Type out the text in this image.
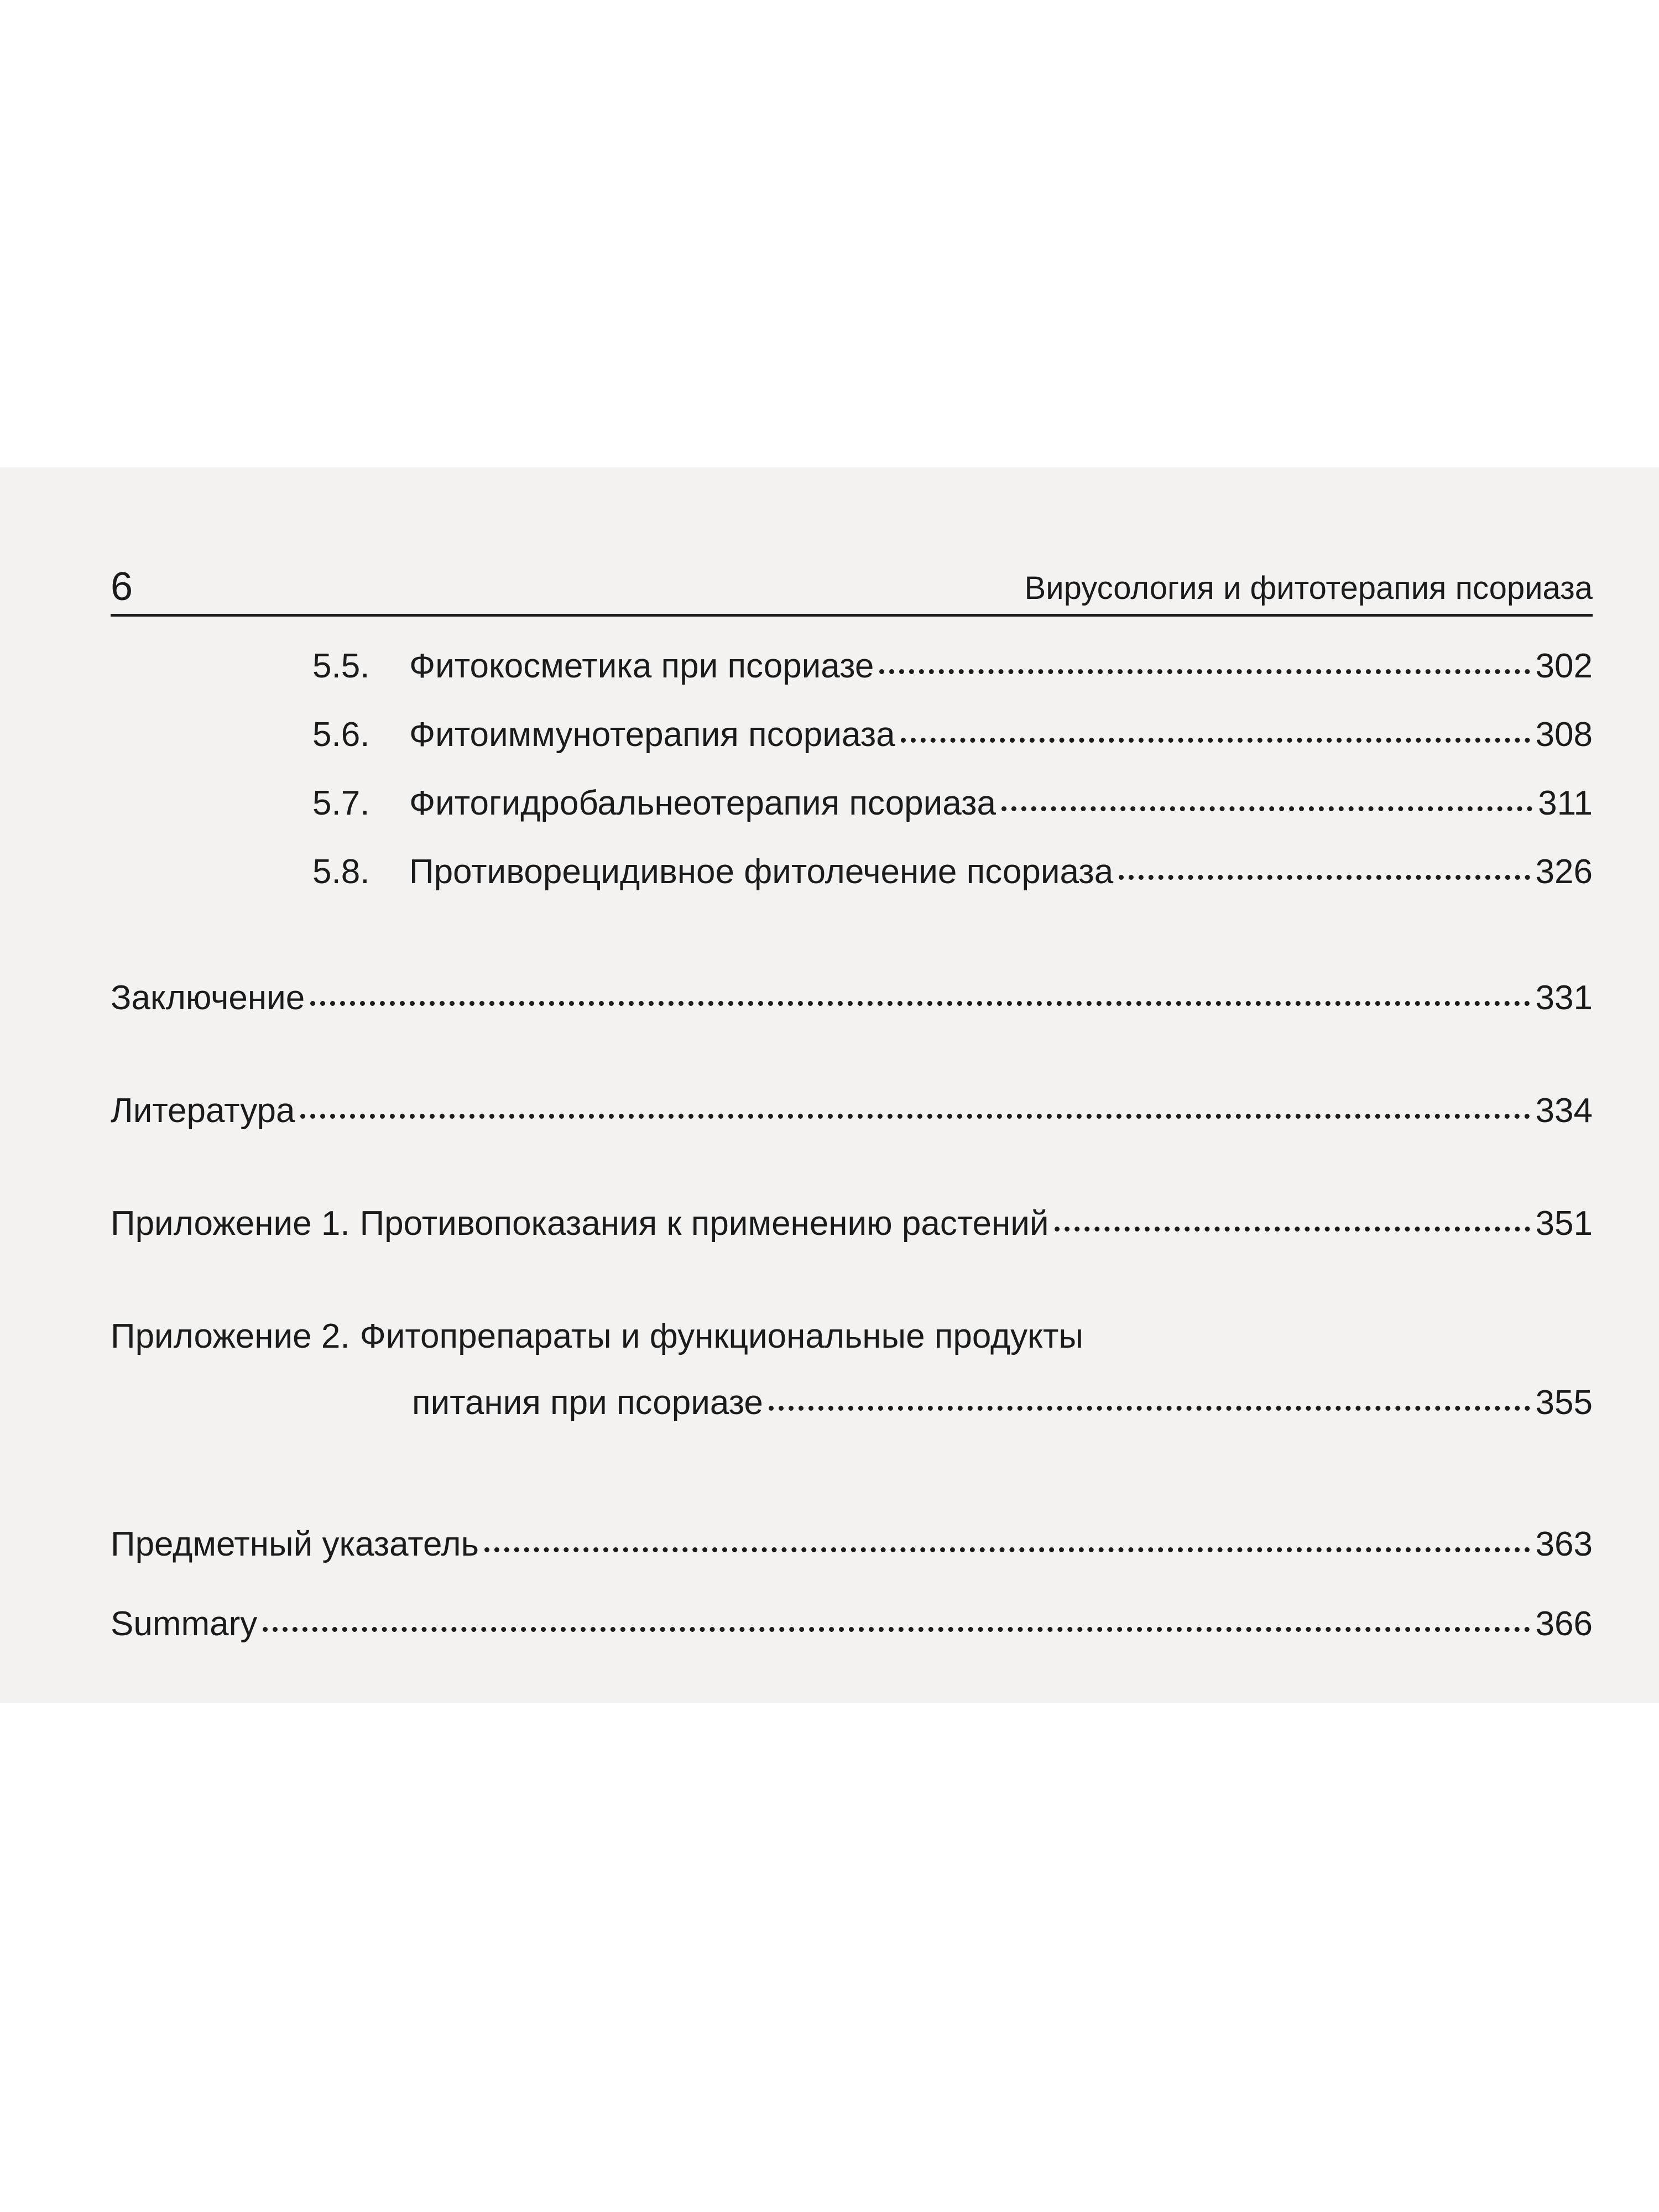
6	Вирусология и фитотерапия псориаза
5.5.	Фитокосметика при псориазе	302
5.6.	Фитоиммунотерапия псориаза	308
5.7.	Фитогидробальнеотерапия псориаза	311
5.8.	Противорецидивное фитолечение псориаза	326
Заключение	331
Литература	334
Приложение 1. Противопоказания к применению растений	351
Приложение 2. Фитопрепараты и функциональные продукты
питания при псориазе	355
Предметный указатель	363
Summary	366
